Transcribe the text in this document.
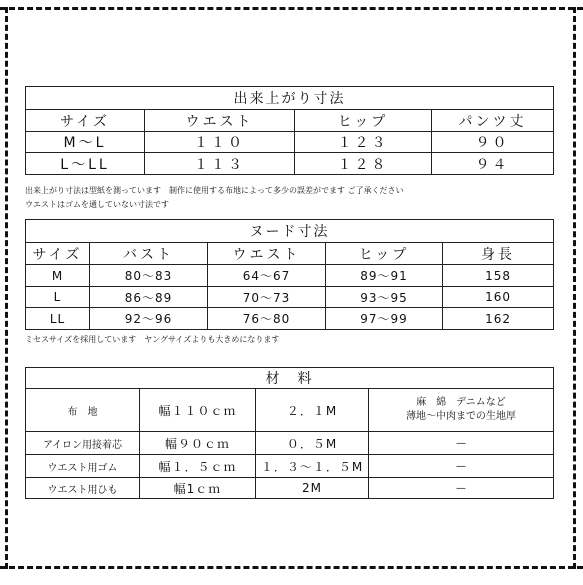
出来上がり寸法			
サイズ	ウエスト	ヒップ	パンツ丈
M～L	１１０	１２３	９０
L～LL	１１３	１２８	９４
出来上がり寸法は型紙を測っています　制作に使用する布地によって多少の誤差がでます ご了承ください
ウエストはゴムを通していない寸法です
ヌード寸法				
サイズ	バスト	ウエスト	ヒップ	身長
M	80～83	64～67	89～91	158
L	86～89	70～73	93～95	160
LL	92～96	76～80	97～99	162
ミセスサイズを採用しています　ヤングサイズよりも大きめになります
材　料			
布　地	幅１１０ｃｍ	２．１M	麻　綿　デニムなど
薄地～中肉までの生地厚

アイロン用接着芯	幅９０ｃｍ	０．５M	—
ウエスト用ゴム	幅１．５ｃｍ	１．３～１．５M	—
ウエスト用ひも	幅1ｃｍ	2M	—
